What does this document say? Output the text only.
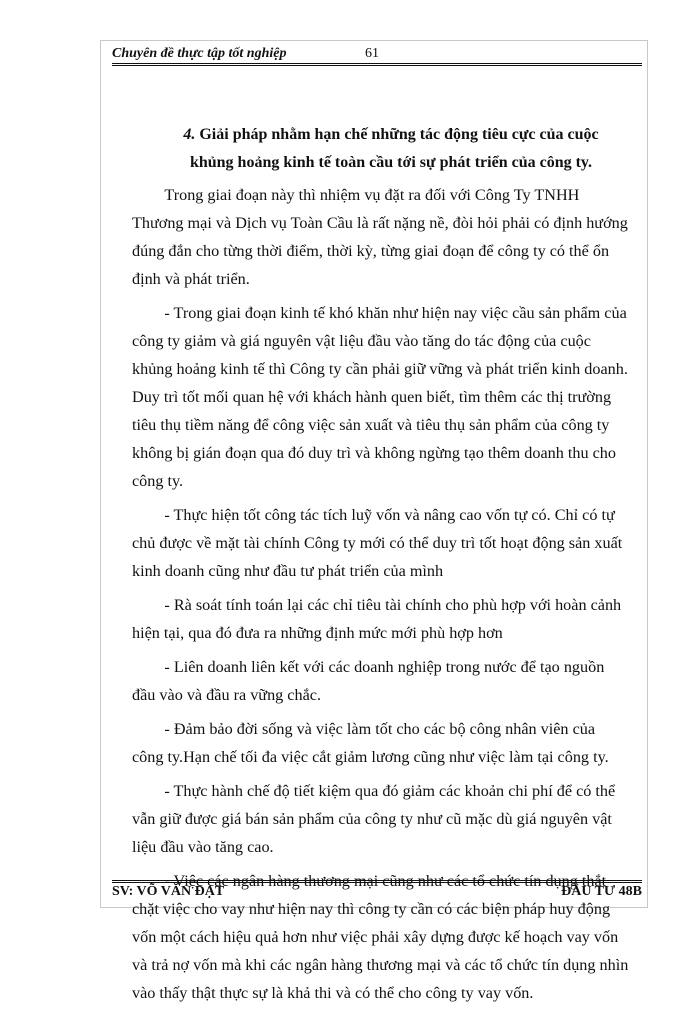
Chuyên đề thực tập tốt nghiệp	61
4. Giải pháp nhằm hạn chế những tác động tiêu cực của cuộc
khủng hoảng kinh tế toàn cầu tới sự phát triển của công ty.

Trong giai đoạn này thì nhiệm vụ đặt ra đối với Công Ty TNHH Thương mại và Dịch vụ Toàn Cầu là rất nặng nề, đòi hỏi phải có định hướng đúng đắn cho từng thời điểm, thời kỳ, từng giai đoạn để công ty có thể ổn định và phát triển.

- Trong giai đoạn kinh tế khó khăn như hiện nay việc cầu sản phẩm của công ty giảm và giá nguyên vật liệu đầu vào tăng do tác động của cuộc khủng hoảng kinh tế thì Công ty cần phải giữ vững và phát triển kinh doanh. Duy trì tốt mối quan hệ với khách hành quen biết, tìm thêm các thị trường tiêu thụ tiềm năng để công việc sản xuất và tiêu thụ sản phẩm của công ty không bị gián đoạn qua đó duy trì và không ngừng tạo thêm doanh thu cho công ty.

- Thực hiện tốt công tác tích luỹ vốn và nâng cao vốn tự có. Chỉ có tự chủ được về mặt tài chính Công ty mới có thể duy trì tốt hoạt động sản xuất kinh doanh cũng như đầu tư phát triển của mình

- Rà soát tính toán lại các chỉ tiêu tài chính cho phù hợp với hoàn cảnh hiện tại, qua đó đưa ra những định mức mới phù hợp hơn

- Liên doanh liên kết với các doanh nghiệp trong nước để tạo nguồn đầu vào và đầu ra vững chắc.

- Đảm bảo đời sống và việc làm tốt cho các bộ công nhân viên của công ty.Hạn chế tối đa việc cắt giảm lương cũng như việc làm tại công ty.

- Thực hành chế độ tiết kiệm qua đó giảm các khoản chi phí để có thể vẫn giữ được giá bán sản phẩm của công ty như cũ mặc dù giá nguyên vật liệu đầu vào tăng cao.

- Việc các ngân hàng thương mại cũng như các tổ chức tín dụng thắt chặt việc cho vay như hiện nay thì công ty cần có các biện pháp huy động vốn một cách hiệu quả hơn như việc phải xây dựng được kế hoạch vay vốn và trả nợ vốn mà khi các ngân hàng thương mại và các tổ chức tín dụng nhìn vào thấy thật thực sự là khả thi và có thể cho công ty vay vốn.

SV: VÕ VĂN ĐẠT	ĐẦU TƯ 48B
